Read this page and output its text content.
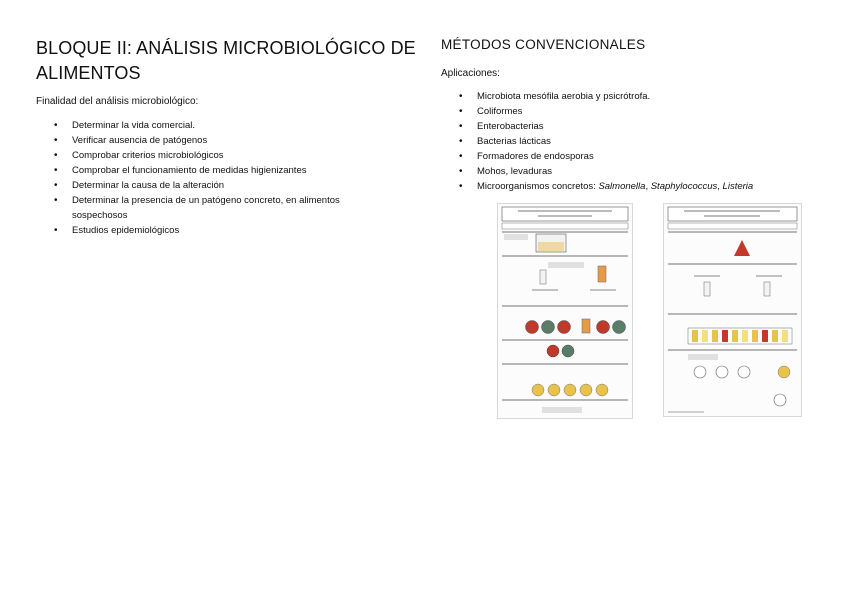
BLOQUE II: ANÁLISIS MICROBIOLÓGICO DE
ALIMENTOS

Finalidad del análisis microbiológico:

• Determinar la vida comercial.
• Verificar ausencia de patógenos
• Comprobar criterios microbiológicos
• Comprobar el funcionamiento de medidas higienizantes
• Determinar la causa de la alteración
• Determinar la presencia de un patógeno concreto, en alimentos
sospechosos
• Estudios epidemiológicos
MÉTODOS CONVENCIONALES

Aplicaciones:

• Microbiota mesófila aerobia y psicrótrofa.
• Coliformes
• Enterobacterias
• Bacterias lácticas
• Formadores de endosporas
• Mohos, levaduras
• Microorganismos concretos: Salmonella, Staphylococcus, Listeria
